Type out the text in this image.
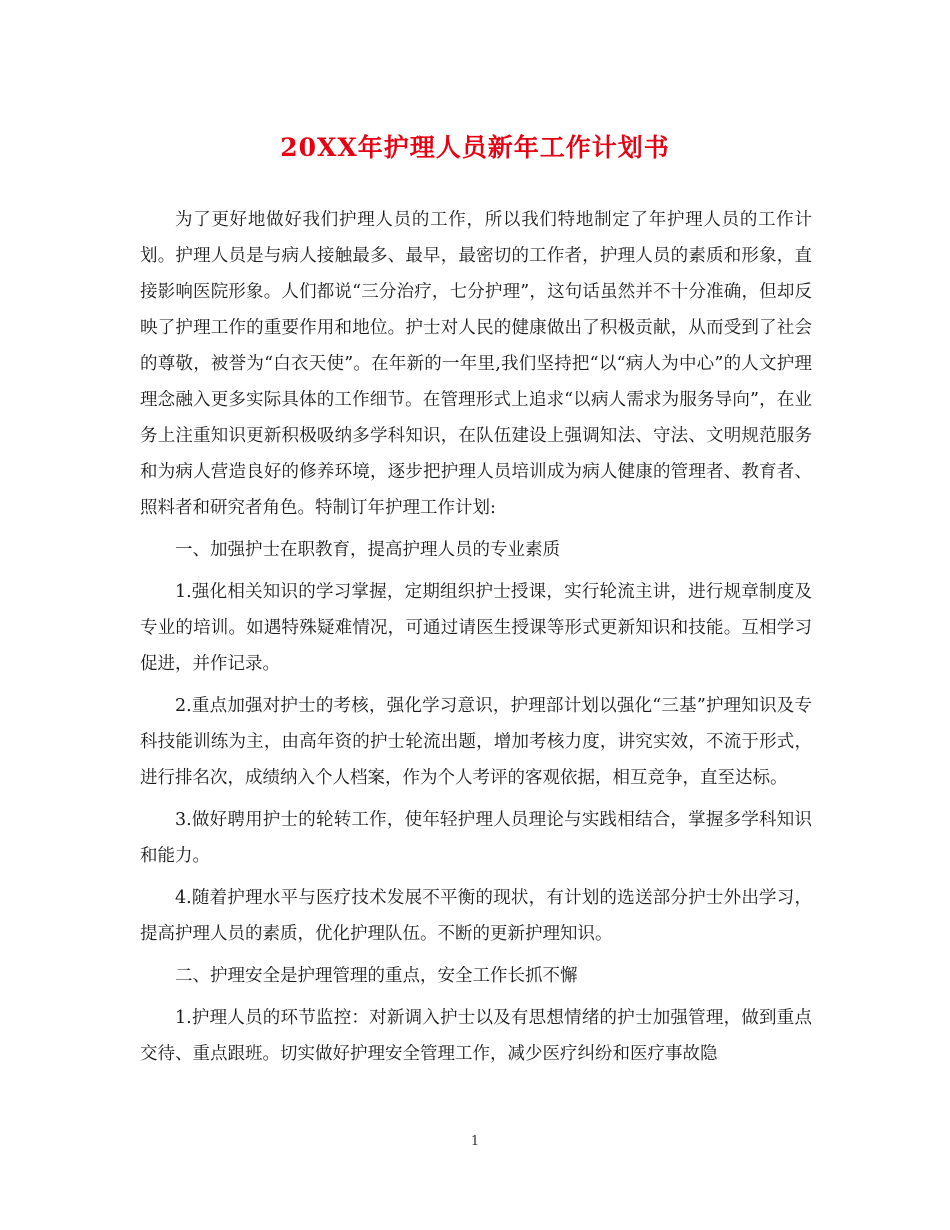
20XX年护理人员新年工作计划书

为了更好地做好我们护理人员的工作，所以我们特地制定了年护理人员的工作计划。护理人员是与病人接触最多、最早，最密切的工作者，护理人员的素质和形象，直接影响医院形象。人们都说“三分治疗，七分护理”，这句话虽然并不十分准确，但却反映了护理工作的重要作用和地位。护士对人民的健康做出了积极贡献，从而受到了社会的尊敬，被誉为“白衣天使”。在年新的一年里,我们坚持把“以“病人为中心”的人文护理理念融入更多实际具体的工作细节。在管理形式上追求“以病人需求为服务导向”，在业务上注重知识更新积极吸纳多学科知识，在队伍建设上强调知法、守法、文明规范服务和为病人营造良好的修养环境，逐步把护理人员培训成为病人健康的管理者、教育者、照料者和研究者角色。特制订年护理工作计划:

一、加强护士在职教育，提高护理人员的专业素质

1.强化相关知识的学习掌握，定期组织护士授课，实行轮流主讲，进行规章制度及专业的培训。如遇特殊疑难情况，可通过请医生授课等形式更新知识和技能。互相学习促进，并作记录。

2.重点加强对护士的考核，强化学习意识，护理部计划以强化“三基”护理知识及专科技能训练为主，由高年资的护士轮流出题，增加考核力度，讲究实效，不流于形式，进行排名次，成绩纳入个人档案，作为个人考评的客观依据，相互竞争，直至达标。

3.做好聘用护士的轮转工作，使年轻护理人员理论与实践相结合，掌握多学科知识和能力。

4.随着护理水平与医疗技术发展不平衡的现状，有计划的选送部分护士外出学习，提高护理人员的素质，优化护理队伍。不断的更新护理知识。

二、护理安全是护理管理的重点，安全工作长抓不懈

1.护理人员的环节监控：对新调入护士以及有思想情绪的护士加强管理，做到重点交待、重点跟班。切实做好护理安全管理工作，减少医疗纠纷和医疗事故隐

1
